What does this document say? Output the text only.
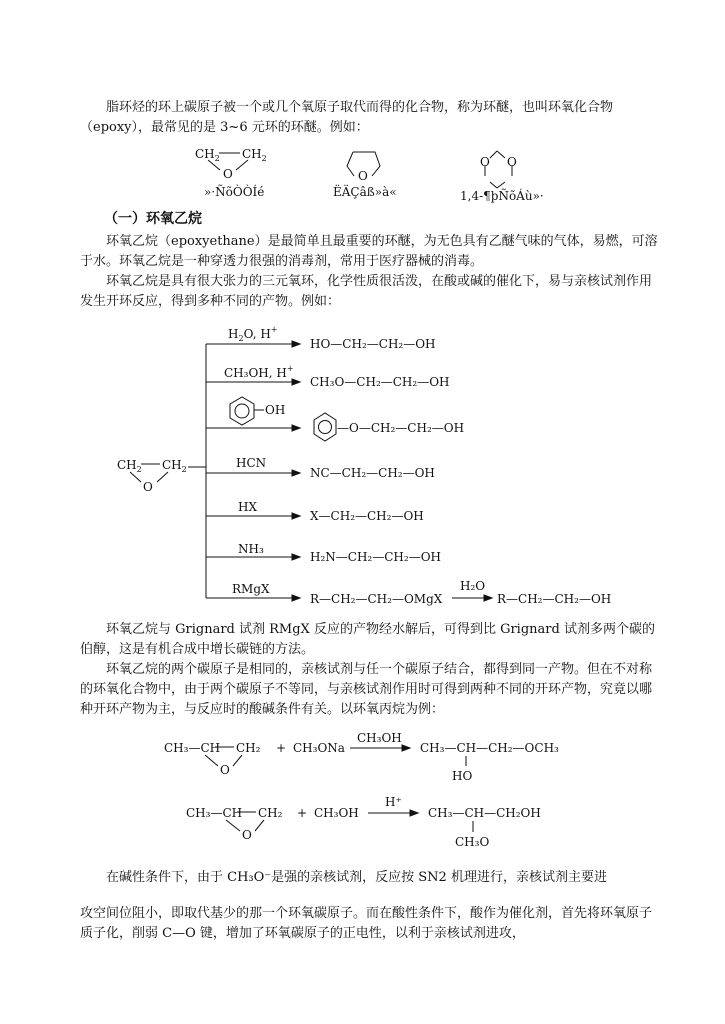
脂环烃的环上碳原子被一个或几个氧原子取代而得的化合物，称为环醚，也叫环氧化合物（epoxy），最常见的是 3~6 元环的环醚。例如：

$CH_2$ $CH_2$
O
»·ÑõÒÒÍé
O
ËÄÇâß»à«
O O
1,4-¶þÑõÁù»·

（一）环氧乙烷

环氧乙烷（epoxyethane）是最简单且最重要的环醚，为无色具有乙醚气味的气体，易燃，可溶于水。环氧乙烷是一种穿透力很强的消毒剂，常用于医疗器械的消毒。

环氧乙烷是具有很大张力的三元氧环，化学性质很活泼，在酸或碱的催化下，易与亲核试剂作用发生开环反应，得到多种不同的产物。例如：

$CH_2$ $CH_2$
O
$H_2O$, H+
CH₃OH, H+
OH
HCN
HX
NH₃
RMgX
HO—CH₂—CH₂—OH
CH₃O—CH₂—CH₂—OH
—O—CH₂—CH₂—OH
NC—CH₂—CH₂—OH
X—CH₂—CH₂—OH
H₂N—CH₂—CH₂—OH
R—CH₂—CH₂—OMgX
H₂O
R—CH₂—CH₂—OH

环氧乙烷与 Grignard 试剂 RMgX 反应的产物经水解后，可得到比 Grignard 试剂多两个碳的伯醇，这是有机合成中增长碳链的方法。

环氧乙烷的两个碳原子是相同的，亲核试剂与任一个碳原子结合，都得到同一产物。但在不对称的环氧化合物中，由于两个碳原子不等同，与亲核试剂作用时可得到两种不同的开环产物，究竟以哪种开环产物为主，与反应时的酸碱条件有关。以环氧丙烷为例：

CH₃—CH CH₂
O
+ CH₃ONa
CH₃OH
CH₃—CH—CH₂—OCH₃
HO
CH₃—CH CH₂
O
+ CH₃OH
H⁺
CH₃—CH—CH₂OH
CH₃O

在碱性条件下，由于 CH₃O⁻是强的亲核试剂，反应按 SN2 机理进行，亲核试剂主要进

攻空间位阻小，即取代基少的那一个环氧碳原子。而在酸性条件下，酸作为催化剂，首先将环氧原子质子化，削弱 C—O 键，增加了环氧碳原子的正电性，以利于亲核试剂进攻，
